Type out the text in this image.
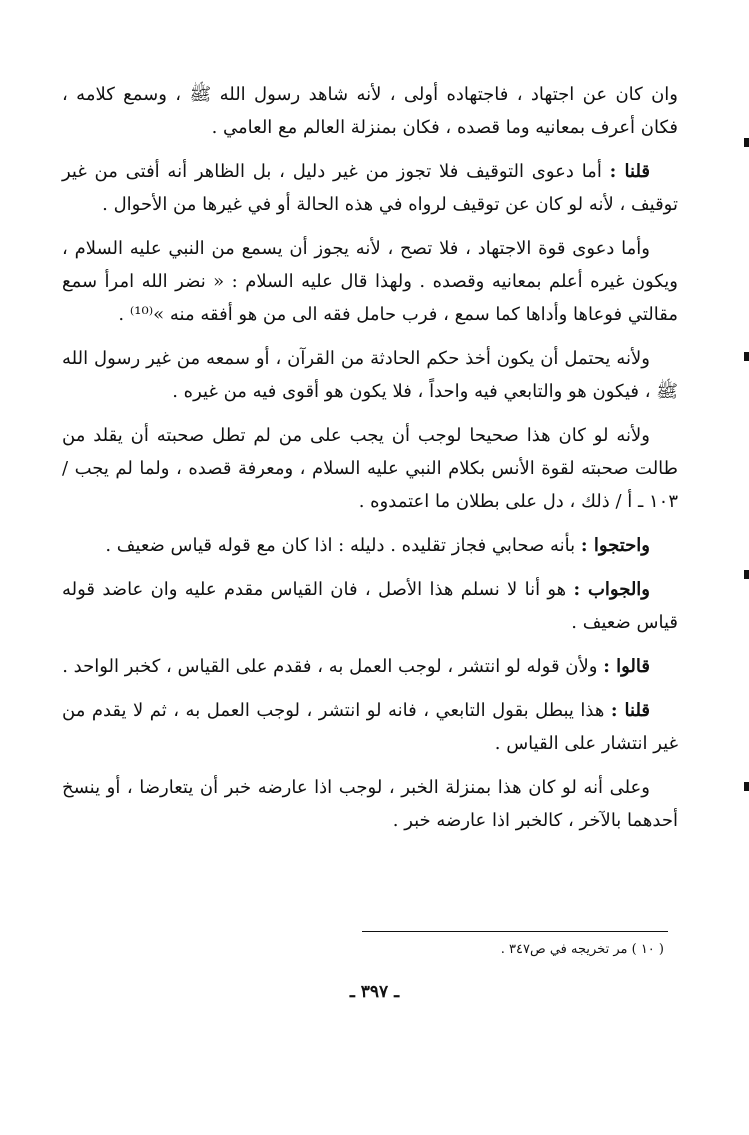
وان كان عن اجتهاد ، فاجتهاده أولى ، لأنه شاهد رسول الله ﷺ ، وسمع كلامه ، فكان أعرف بمعانيه وما قصده ، فكان بمنزلة العالم مع العامي .

قلنا : أما دعوى التوقيف فلا تجوز من غير دليل ، بل الظاهر أنه أفتى من غير توقيف ، لأنه لو كان عن توقيف لرواه في هذه الحالة أو في غيرها من الأحوال .

وأما دعوى قوة الاجتهاد ، فلا تصح ، لأنه يجوز أن يسمع من النبي عليه السلام ، ويكون غيره أعلم بمعانيه وقصده . ولهذا قال عليه السلام : « نضر الله امرأ سمع مقالتي فوعاها وأداها كما سمع ، فرب حامل فقه الى من هو أفقه منه »⁽¹⁰⁾ .

ولأنه يحتمل أن يكون أخذ حكم الحادثة من القرآن ، أو سمعه من غير رسول الله ﷺ ، فيكون هو والتابعي فيه واحداً ، فلا يكون هو أقوى فيه من غيره .

ولأنه لو كان هذا صحيحا لوجب أن يجب على من لم تطل صحبته أن يقلد من طالت صحبته لقوة الأنس بكلام النبي عليه السلام ، ومعرفة قصده ، ولما لم يجب / ١٠٣ ـ أ / ذلك ، دل على بطلان ما اعتمدوه .

واحتجوا : بأنه صحابي فجاز تقليده . دليله : اذا كان مع قوله قياس ضعيف .

والجواب : هو أنا لا نسلم هذا الأصل ، فان القياس مقدم عليه وان عاضد قوله قياس ضعيف .

قالوا : ولأن قوله لو انتشر ، لوجب العمل به ، فقدم على القياس ، كخبر الواحد .

قلنا : هذا يبطل بقول التابعي ، فانه لو انتشر ، لوجب العمل به ، ثم لا يقدم من غير انتشار على القياس .

وعلى أنه لو كان هذا بمنزلة الخبر ، لوجب اذا عارضه خبر أن يتعارضا ، أو ينسخ أحدهما بالآخر ، كالخبر اذا عارضه خبر .

( ١٠ ) مر تخريجه في ص٣٤٧ .
ـ ٣٩٧ ـ
